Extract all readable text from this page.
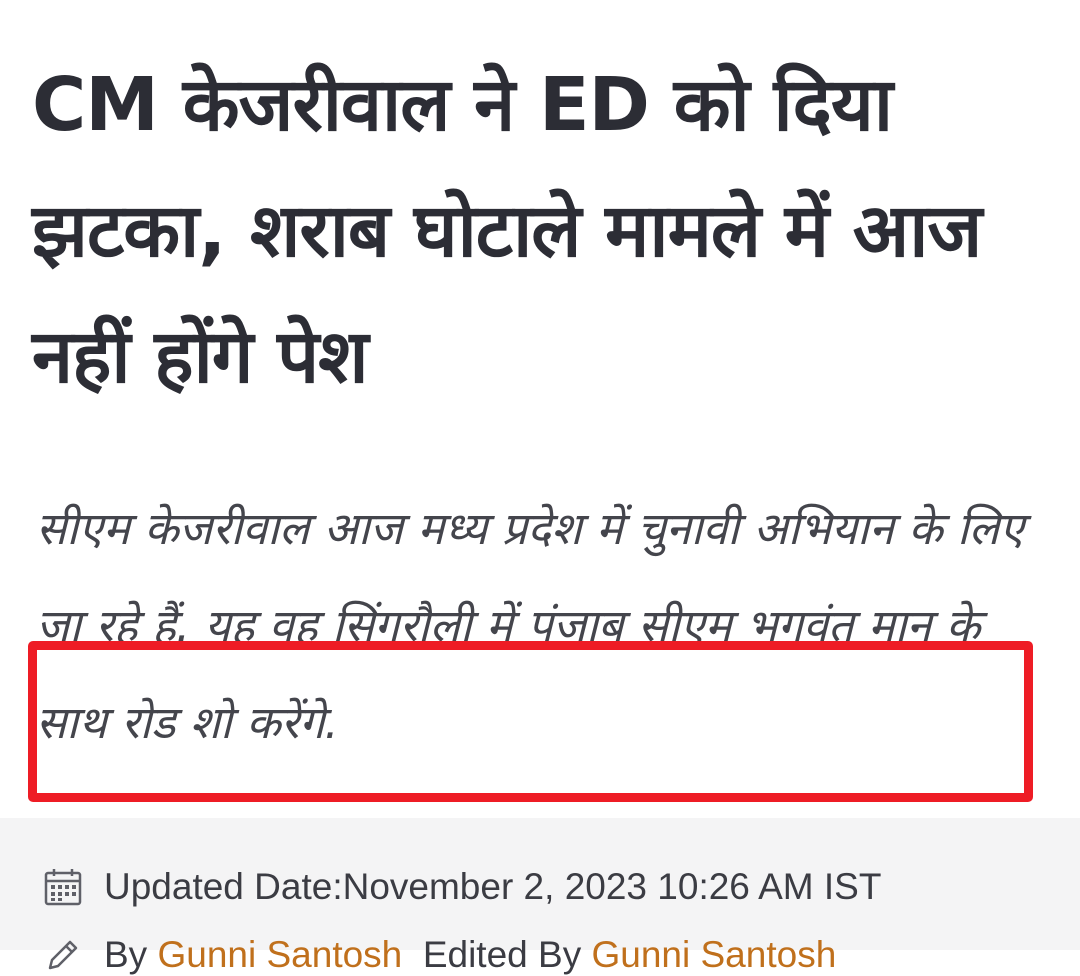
CM केजरीवाल ने ED को दिया झटका, शराब घोटाले मामले में आज नहीं होंगे पेश

सीएम केजरीवाल आज मध्य प्रदेश में चुनावी अभियान के लिए जा रहे हैं. यह वह सिंगरौली में पंजाब सीएम भगवंत मान के साथ रोड शो करेंगे.

Updated Date:November 2, 2023 10:26 AM IST
By
Gunni Santosh
Edited By
Gunni Santosh
